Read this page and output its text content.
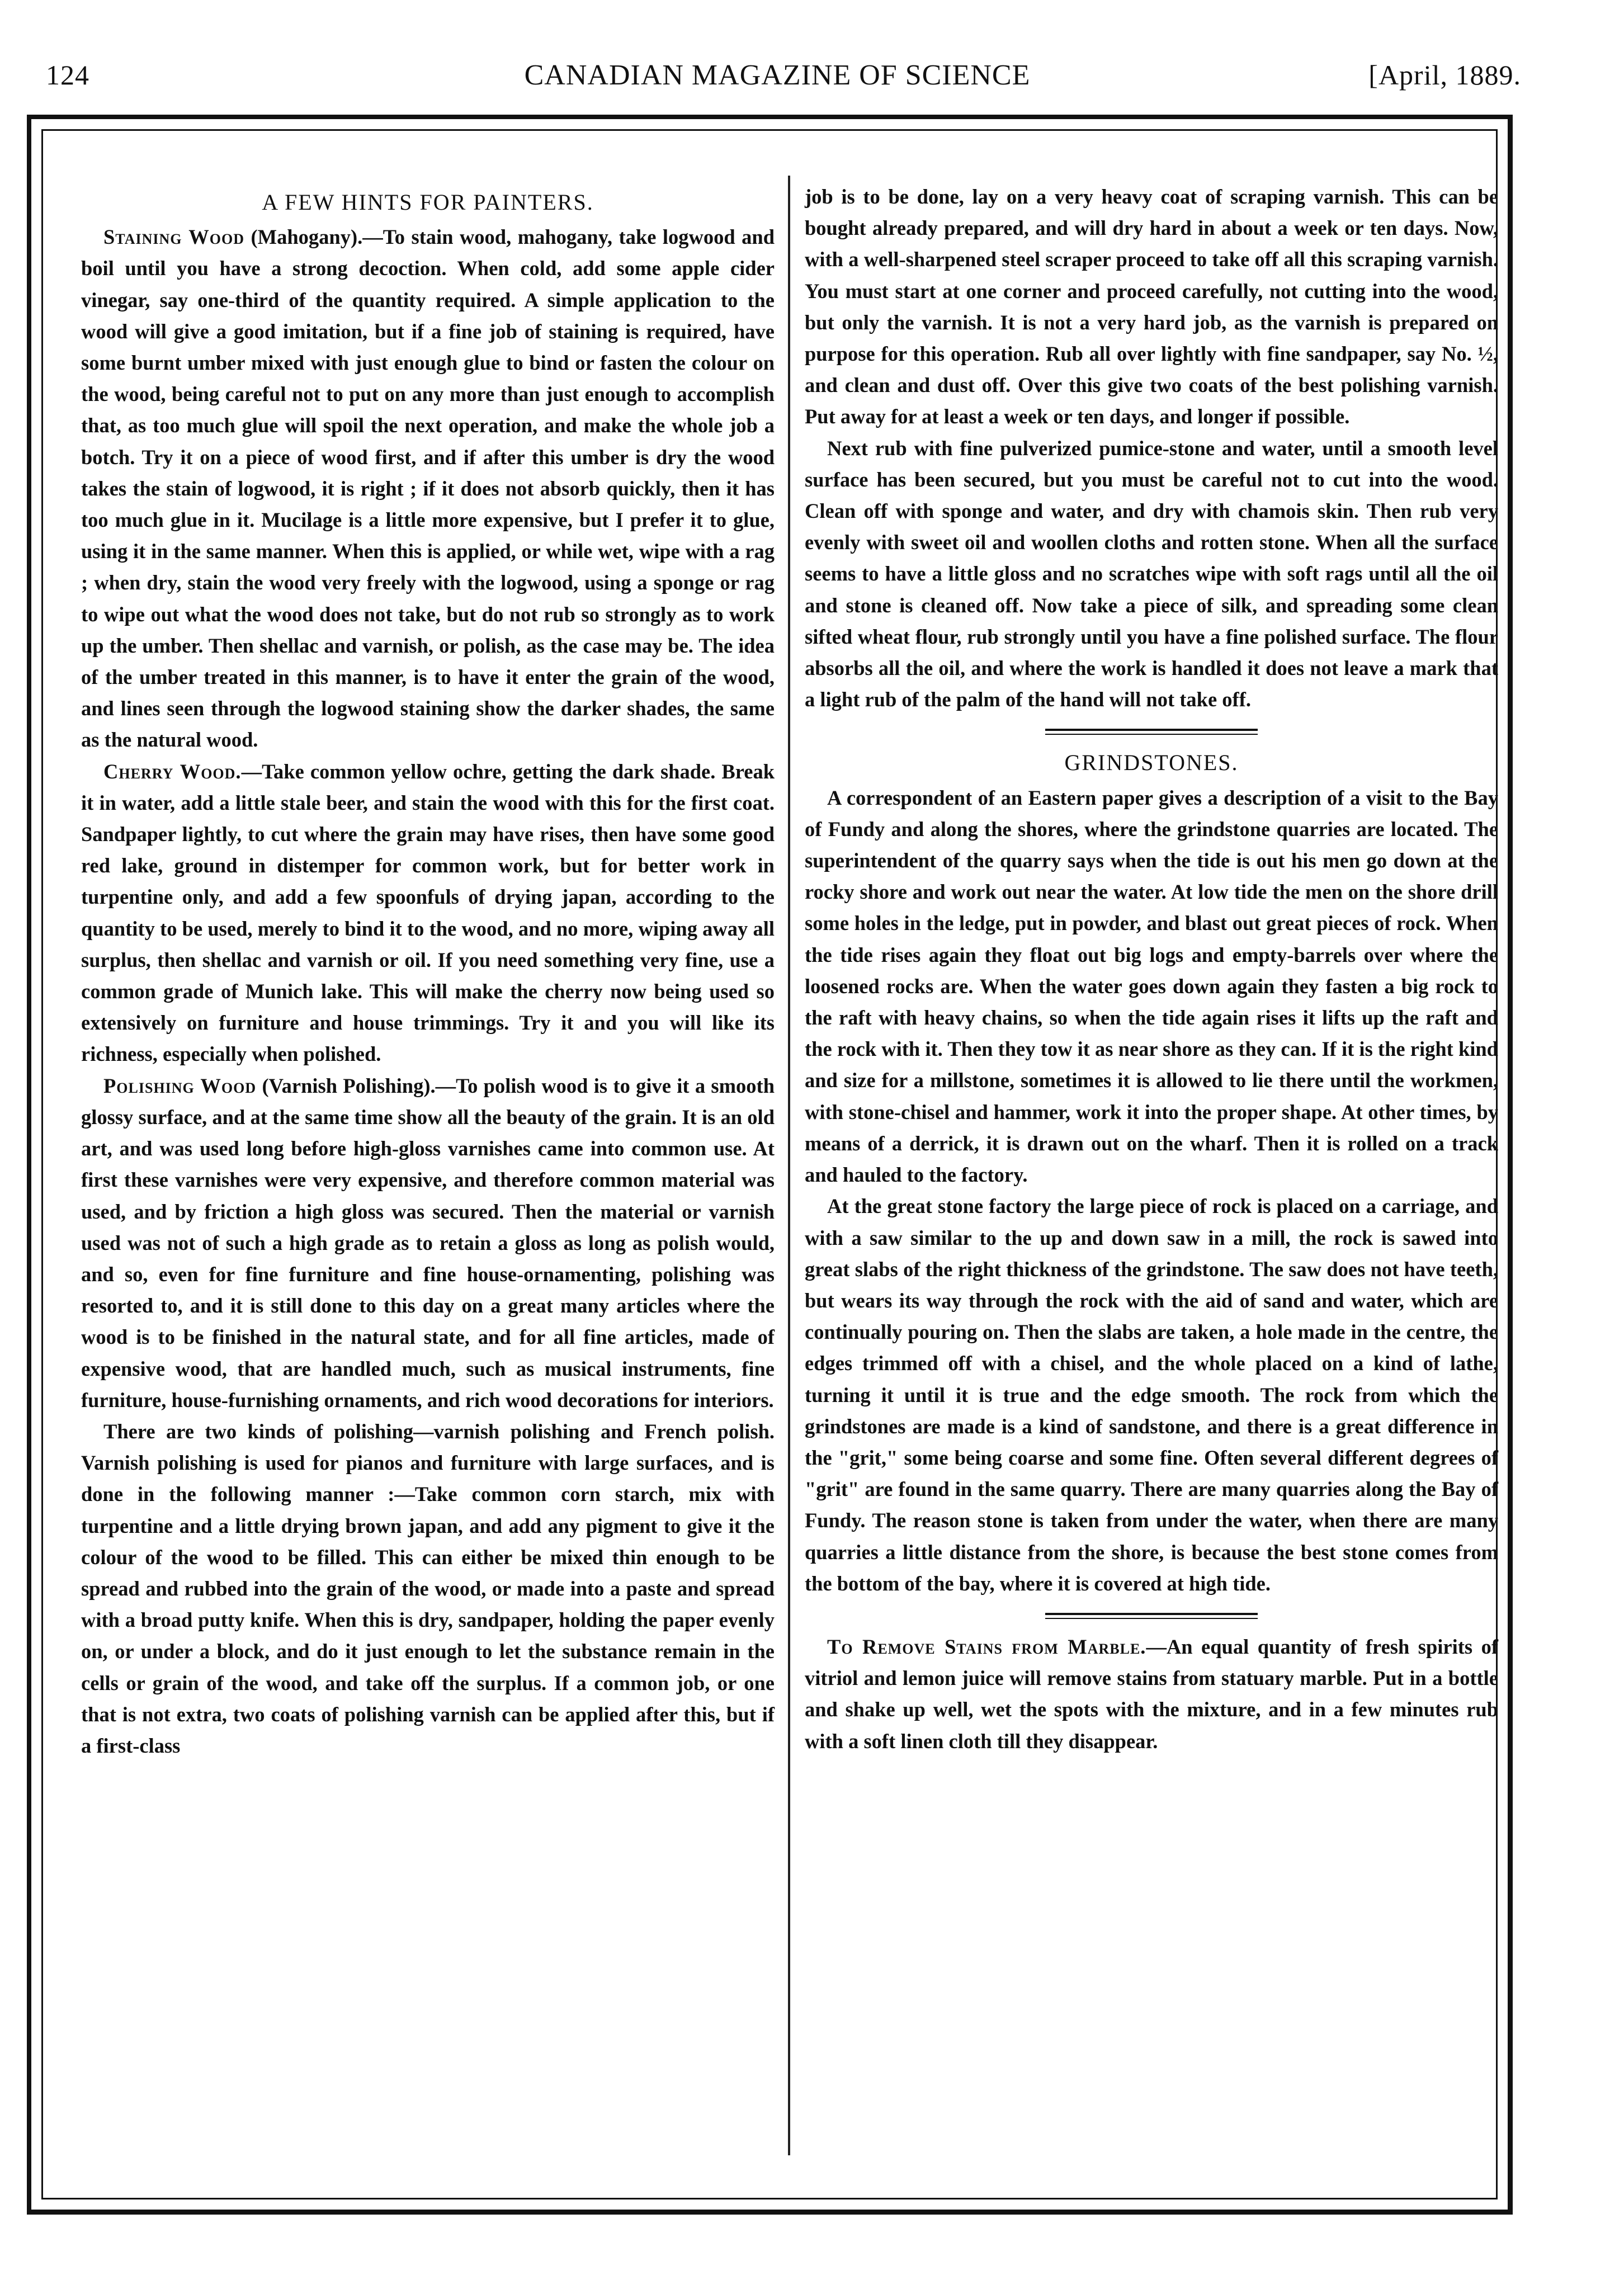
124	CANADIAN MAGAZINE OF SCIENCE	[April, 1889.
A FEW HINTS FOR PAINTERS.

Staining Wood (Mahogany).—To stain wood, mahogany, take logwood and boil until you have a strong decoction. When cold, add some apple cider vinegar, say one-third of the quantity required. A simple application to the wood will give a good imitation, but if a fine job of staining is required, have some burnt umber mixed with just enough glue to bind or fasten the colour on the wood, being careful not to put on any more than just enough to accomplish that, as too much glue will spoil the next operation, and make the whole job a botch. Try it on a piece of wood first, and if after this umber is dry the wood takes the stain of logwood, it is right ; if it does not absorb quickly, then it has too much glue in it. Mucilage is a little more expensive, but I prefer it to glue, using it in the same manner. When this is applied, or while wet, wipe with a rag ; when dry, stain the wood very freely with the logwood, using a sponge or rag to wipe out what the wood does not take, but do not rub so strongly as to work up the umber. Then shellac and varnish, or polish, as the case may be. The idea of the umber treated in this manner, is to have it enter the grain of the wood, and lines seen through the logwood staining show the darker shades, the same as the natural wood.

Cherry Wood.—Take common yellow ochre, getting the dark shade. Break it in water, add a little stale beer, and stain the wood with this for the first coat. Sandpaper lightly, to cut where the grain may have rises, then have some good red lake, ground in distemper for common work, but for better work in turpentine only, and add a few spoonfuls of drying japan, according to the quantity to be used, merely to bind it to the wood, and no more, wiping away all surplus, then shellac and varnish or oil. If you need something very fine, use a common grade of Munich lake. This will make the cherry now being used so extensively on furniture and house trimmings. Try it and you will like its richness, especially when polished.

Polishing Wood (Varnish Polishing).—To polish wood is to give it a smooth glossy surface, and at the same time show all the beauty of the grain. It is an old art, and was used long before high-gloss varnishes came into common use. At first these varnishes were very expensive, and therefore common material was used, and by friction a high gloss was secured. Then the material or varnish used was not of such a high grade as to retain a gloss as long as polish would, and so, even for fine furniture and fine house-ornamenting, polishing was resorted to, and it is still done to this day on a great many articles where the wood is to be finished in the natural state, and for all fine articles, made of expensive wood, that are handled much, such as musical instruments, fine furniture, house-furnishing ornaments, and rich wood decorations for interiors.

There are two kinds of polishing—varnish polishing and French polish. Varnish polishing is used for pianos and furniture with large surfaces, and is done in the following manner :—Take common corn starch, mix with turpentine and a little drying brown japan, and add any pigment to give it the colour of the wood to be filled. This can either be mixed thin enough to be spread and rubbed into the grain of the wood, or made into a paste and spread with a broad putty knife. When this is dry, sandpaper, holding the paper evenly on, or under a block, and do it just enough to let the substance remain in the cells or grain of the wood, and take off the surplus. If a common job, or one that is not extra, two coats of polishing varnish can be applied after this, but if a first-class

job is to be done, lay on a very heavy coat of scraping varnish. This can be bought already prepared, and will dry hard in about a week or ten days. Now, with a well-sharpened steel scraper proceed to take off all this scraping varnish. You must start at one corner and proceed carefully, not cutting into the wood, but only the varnish. It is not a very hard job, as the varnish is prepared on purpose for this operation. Rub all over lightly with fine sandpaper, say No. ½, and clean and dust off. Over this give two coats of the best polishing varnish. Put away for at least a week or ten days, and longer if possible.

Next rub with fine pulverized pumice-stone and water, until a smooth level surface has been secured, but you must be careful not to cut into the wood. Clean off with sponge and water, and dry with chamois skin. Then rub very evenly with sweet oil and woollen cloths and rotten stone. When all the surface seems to have a little gloss and no scratches wipe with soft rags until all the oil and stone is cleaned off. Now take a piece of silk, and spreading some clean sifted wheat flour, rub strongly until you have a fine polished surface. The flour absorbs all the oil, and where the work is handled it does not leave a mark that a light rub of the palm of the hand will not take off.

GRINDSTONES.

A correspondent of an Eastern paper gives a description of a visit to the Bay of Fundy and along the shores, where the grindstone quarries are located. The superintendent of the quarry says when the tide is out his men go down at the rocky shore and work out near the water. At low tide the men on the shore drill some holes in the ledge, put in powder, and blast out great pieces of rock. When the tide rises again they float out big logs and empty-barrels over where the loosened rocks are. When the water goes down again they fasten a big rock to the raft with heavy chains, so when the tide again rises it lifts up the raft and the rock with it. Then they tow it as near shore as they can. If it is the right kind and size for a millstone, sometimes it is allowed to lie there until the workmen, with stone-chisel and hammer, work it into the proper shape. At other times, by means of a derrick, it is drawn out on the wharf. Then it is rolled on a track and hauled to the factory.

At the great stone factory the large piece of rock is placed on a carriage, and with a saw similar to the up and down saw in a mill, the rock is sawed into great slabs of the right thickness of the grindstone. The saw does not have teeth, but wears its way through the rock with the aid of sand and water, which are continually pouring on. Then the slabs are taken, a hole made in the centre, the edges trimmed off with a chisel, and the whole placed on a kind of lathe, turning it until it is true and the edge smooth. The rock from which the grindstones are made is a kind of sandstone, and there is a great difference in the "grit," some being coarse and some fine. Often several different degrees of "grit" are found in the same quarry. There are many quarries along the Bay of Fundy. The reason stone is taken from under the water, when there are many quarries a little distance from the shore, is because the best stone comes from the bottom of the bay, where it is covered at high tide.

To Remove Stains from Marble.—An equal quantity of fresh spirits of vitriol and lemon juice will remove stains from statuary marble. Put in a bottle and shake up well, wet the spots with the mixture, and in a few minutes rub with a soft linen cloth till they disappear.
